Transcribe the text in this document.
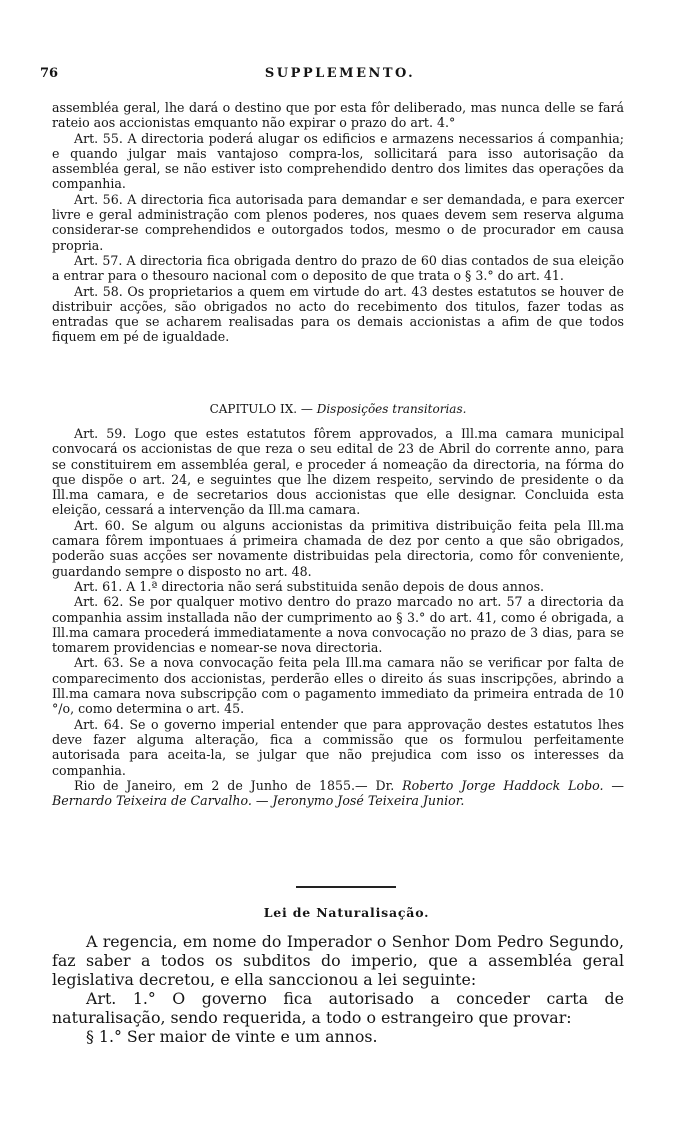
76	SUPPLEMENTO.

assembléa geral, lhe dará o destino que por esta fôr deliberado, mas nunca delle se fará rateio aos accionistas emquanto não expirar o prazo do art. 4.°

Art. 55. A directoria poderá alugar os edificios e armazens necessarios á companhia; e quando julgar mais vantajoso compra-los, sollicitará para isso autorisação da assembléa geral, se não estiver isto comprehendido dentro dos limites das operações da companhia.

Art. 56. A directoria fica autorisada para demandar e ser demandada, e para exercer livre e geral administração com plenos poderes, nos quaes devem sem reserva alguma considerar-se comprehendidos e outorgados todos, mesmo o de procurador em causa propria.

Art. 57. A directoria fica obrigada dentro do prazo de 60 dias contados de sua eleição a entrar para o thesouro nacional com o deposito de que trata o § 3.° do art. 41.

Art. 58. Os proprietarios a quem em virtude do art. 43 destes estatutos se houver de distribuir acções, são obrigados no acto do recebimento dos titulos, fazer todas as entradas que se acharem realisadas para os demais accionistas a afim de que todos fiquem em pé de igualdade.

CAPITULO IX. — Disposições transitorias.

Art. 59. Logo que estes estatutos fôrem approvados, a Ill.ma camara municipal convocará os accionistas de que reza o seu edital de 23 de Abril do corrente anno, para se constituirem em assembléa geral, e proceder á nomeação da directoria, na fórma do que dispõe o art. 24, e seguintes que lhe dizem respeito, servindo de presidente o da Ill.ma camara, e de secretarios dous accionistas que elle designar. Concluida esta eleição, cessará a intervenção da Ill.ma camara.

Art. 60. Se algum ou alguns accionistas da primitiva distribuição feita pela Ill.ma camara fôrem impontuaes á primeira chamada de dez por cento a que são obrigados, poderão suas acções ser novamente distribuidas pela directoria, como fôr conveniente, guardando sempre o disposto no art. 48.

Art. 61. A 1.ª directoria não será substituida senão depois de dous annos.

Art. 62. Se por qualquer motivo dentro do prazo marcado no art. 57 a directoria da companhia assim installada não der cumprimento ao § 3.° do art. 41, como é obrigada, a Ill.ma camara procederá immediatamente a nova convocação no prazo de 3 dias, para se tomarem providencias e nomear-se nova directoria.

Art. 63. Se a nova convocação feita pela Ill.ma camara não se verificar por falta de comparecimento dos accionistas, perderão elles o direito ás suas inscripções, abrindo a Ill.ma camara nova subscripção com o pagamento immediato da primeira entrada de 10 °/o, como determina o art. 45.

Art. 64. Se o governo imperial entender que para approvação destes estatutos lhes deve fazer alguma alteração, fica a commissão que os formulou perfeitamente autorisada para aceita-la, se julgar que não prejudica com isso os interesses da companhia.

Rio de Janeiro, em 2 de Junho de 1855.— Dr. Roberto Jorge Haddock Lobo. — Bernardo Teixeira de Carvalho. — Jeronymo José Teixeira Junior.

Lei de Naturalisação.

A regencia, em nome do Imperador o Senhor Dom Pedro Segundo, faz saber a todos os subditos do imperio, que a assembléa geral legislativa decretou, e ella sanccionou a lei seguinte:

Art. 1.° O governo fica autorisado a conceder carta de naturalisação, sendo requerida, a todo o estrangeiro que provar:

§ 1.° Ser maior de vinte e um annos.
